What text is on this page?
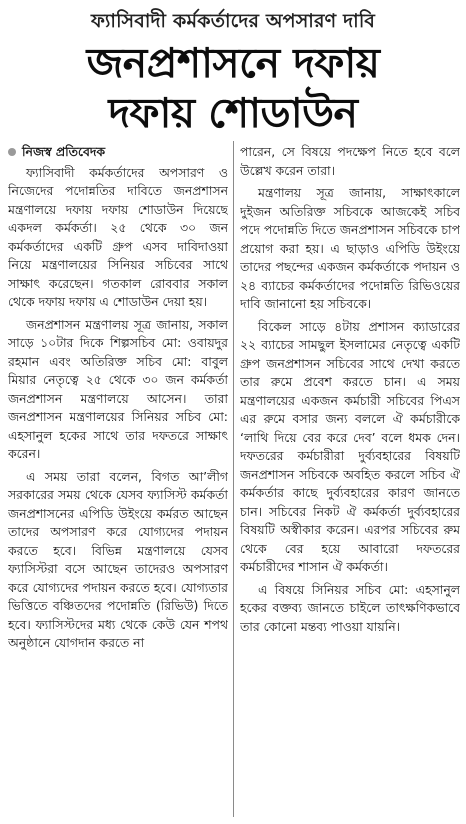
ফ্যাসিবাদী কর্মকর্তাদের অপসারণ দাবি
জনপ্রশাসনে দফায়
দফায় শোডাউন
নিজস্ব প্রতিবেদক

ফ্যাসিবাদী কর্মকর্তাদের অপসারণ ও নিজেদের পদোন্নতির দাবিতে জনপ্রশাসন মন্ত্রণালয়ে দফায় দফায় শোডাউন দিয়েছে একদল কর্মকর্তা। ২৫ থেকে ৩০ জন কর্মকর্তাদের একটি গ্রুপ এসব দাবিদাওয়া নিয়ে মন্ত্রণালয়ের সিনিয়র সচিবের সাথে সাক্ষাৎ করেছেন। গতকাল রোববার সকাল থেকে দফায় দফায় এ শোডাউন দেয়া হয়।

জনপ্রশাসন মন্ত্রণালয় সূত্র জানায়, সকাল সাড়ে ১০টার দিকে শিল্পসচিব মো: ওবায়দুর রহমান এবং অতিরিক্ত সচিব মো: বাবুল মিয়ার নেতৃত্বে ২৫ থেকে ৩০ জন কর্মকর্তা জনপ্রশাসন মন্ত্রণালয়ে আসেন। তারা জনপ্রশাসন মন্ত্রণালয়ের সিনিয়র সচিব মো: এহসানুল হকের সাথে তার দফতরে সাক্ষাৎ করেন।

এ সময় তারা বলেন, বিগত আ’লীগ সরকারের সময় থেকে যেসব ফ্যাসিস্ট কর্মকর্তা জনপ্রশাসনের এপিডি উইংয়ে কর্মরত আছেন তাদের অপসারণ করে যোগ্যদের পদায়ন করতে হবে। বিভিন্ন মন্ত্রণালয়ে যেসব ফ্যাসিস্টরা বসে আছেন তাদেরও অপসারণ করে যোগ্যদের পদায়ন করতে হবে। যোগ্যতার ভিত্তিতে বঞ্চিতদের পদোন্নতি (রিভিউ) দিতে হবে। ফ্যাসিস্টদের মধ্য থেকে কেউ যেন শপথ অনুষ্ঠানে যোগদান করতে না

পারেন, সে বিষয়ে পদক্ষেপ নিতে হবে বলে উল্লেখ করেন তারা।

মন্ত্রণালয় সূত্র জানায়, সাক্ষাৎকালে দুইজন অতিরিক্ত সচিবকে আজকেই সচিব পদে পদোন্নতি দিতে জনপ্রশাসন সচিবকে চাপ প্রয়োগ করা হয়। এ ছাড়াও এপিডি উইংয়ে তাদের পছন্দের একজন কর্মকর্তাকে পদায়ন ও ২৪ ব্যাচের কর্মকর্তাদের পদোন্নতি রিভিওয়ের দাবি জানানো হয় সচিবকে।

বিকেল সাড়ে ৪টায় প্রশাসন ক্যাডারের ২২ ব্যাচের সামছুল ইসলামের নেতৃত্বে একটি গ্রুপ জনপ্রশাসন সচিবের সাথে দেখা করতে তার রুমে প্রবেশ করতে চান। এ সময় মন্ত্রণালয়ের একজন কর্মচারী সচিবের পিএস এর রুমে বসার জন্য বললে ঐ কর্মচারীকে ‘লাথি দিয়ে বের করে দেব’ বলে ধমক দেন। দফতরের কর্মচারীরা দুর্ব্যবহারের বিষয়টি জনপ্রশাসন সচিবকে অবহিত করলে সচিব ঐ কর্মকর্তার কাছে দুর্ব্যবহারের কারণ জানতে চান। সচিবের নিকট ঐ কর্মকর্তা দুর্ব্যবহারের বিষয়টি অস্বীকার করেন। এরপর সচিবের রুম থেকে বের হয়ে আবারো দফতরের কর্মচারীদের শাসান ঐ কর্মকর্তা।

এ বিষয়ে সিনিয়র সচিব মো: এহসানুল হকের বক্তব্য জানতে চাইলে তাৎক্ষণিকভাবে তার কোনো মন্তব্য পাওয়া যায়নি।
